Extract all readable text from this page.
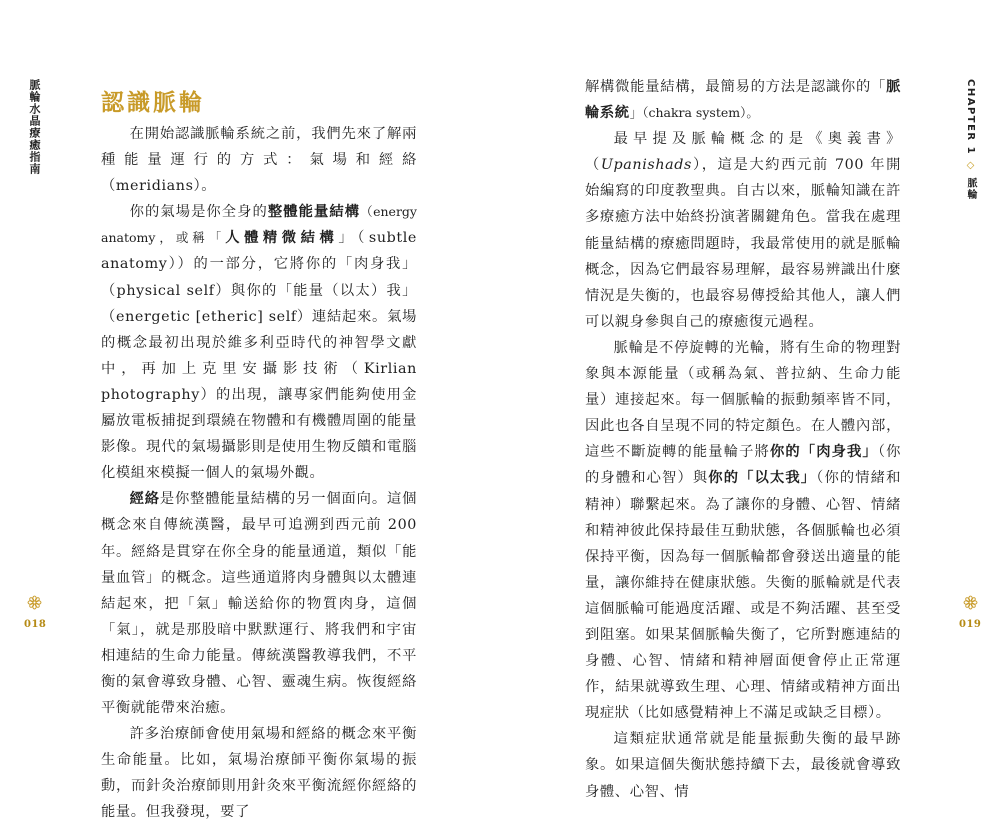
脈輪水晶療癒指南	認識脈輪

在開始認識脈輪系統之前，我們先來了解兩種能量運行的方式：氣場和經絡（meridians）。

你的氣場是你全身的整體能量結構（energy anatomy，或稱「人體精微結構」（subtle anatomy））的一部分，它將你的「肉身我」（physical self）與你的「能量（以太）我」（energetic [etheric] self）連結起來。氣場的概念最初出現於維多利亞時代的神智學文獻中，再加上克里安攝影技術（Kirlian photography）的出現，讓專家們能夠使用金屬放電板捕捉到環繞在物體和有機體周圍的能量影像。現代的氣場攝影則是使用生物反饋和電腦化模組來模擬一個人的氣場外觀。

經絡是你整體能量結構的另一個面向。這個概念來自傳統漢醫，最早可追溯到西元前 200 年。經絡是貫穿在你全身的能量通道，類似「能量血管」的概念。這些通道將肉身體與以太體連結起來，把「氣」輸送給你的物質肉身，這個「氣」，就是那股暗中默默運行、將我們和宇宙相連結的生命力能量。傳統漢醫教導我們，不平衡的氣會導致身體、心智、靈魂生病。恢復經絡平衡就能帶來治癒。

許多治療師會使用氣場和經絡的概念來平衡生命能量。比如，氣場治療師平衡你氣場的振動，而針灸治療師則用針灸來平衡流經你經絡的能量。但我發現，要了

018

解構微能量結構，最簡易的方法是認識你的「脈輪系統」（chakra system）。

最早提及脈輪概念的是《奧義書》（Upanishads），這是大約西元前 700 年開始編寫的印度教聖典。自古以來，脈輪知識在許多療癒方法中始終扮演著關鍵角色。當我在處理能量結構的療癒問題時，我最常使用的就是脈輪概念，因為它們最容易理解，最容易辨識出什麼情況是失衡的，也最容易傳授給其他人，讓人們可以親身參與自己的療癒復元過程。

脈輪是不停旋轉的光輪，將有生命的物理對象與本源能量（或稱為氣、普拉納、生命力能量）連接起來。每一個脈輪的振動頻率皆不同，因此也各自呈現不同的特定顏色。在人體內部，這些不斷旋轉的能量輪子將你的「肉身我」（你的身體和心智）與你的「以太我」（你的情緒和精神）聯繫起來。為了讓你的身體、心智、情緒和精神彼此保持最佳互動狀態，各個脈輪也必須保持平衡，因為每一個脈輪都會發送出適量的能量，讓你維持在健康狀態。失衡的脈輪就是代表這個脈輪可能過度活躍、或是不夠活躍、甚至受到阻塞。如果某個脈輪失衡了，它所對應連結的身體、心智、情緒和精神層面便會停止正常運作，結果就導致生理、心理、情緒或精神方面出現症狀（比如感覺精神上不滿足或缺乏目標）。

這類症狀通常就是能量振動失衡的最早跡象。如果這個失衡狀態持續下去，最後就會導致身體、心智、情

CHAPTER 1 ◇ 脈輪
019
